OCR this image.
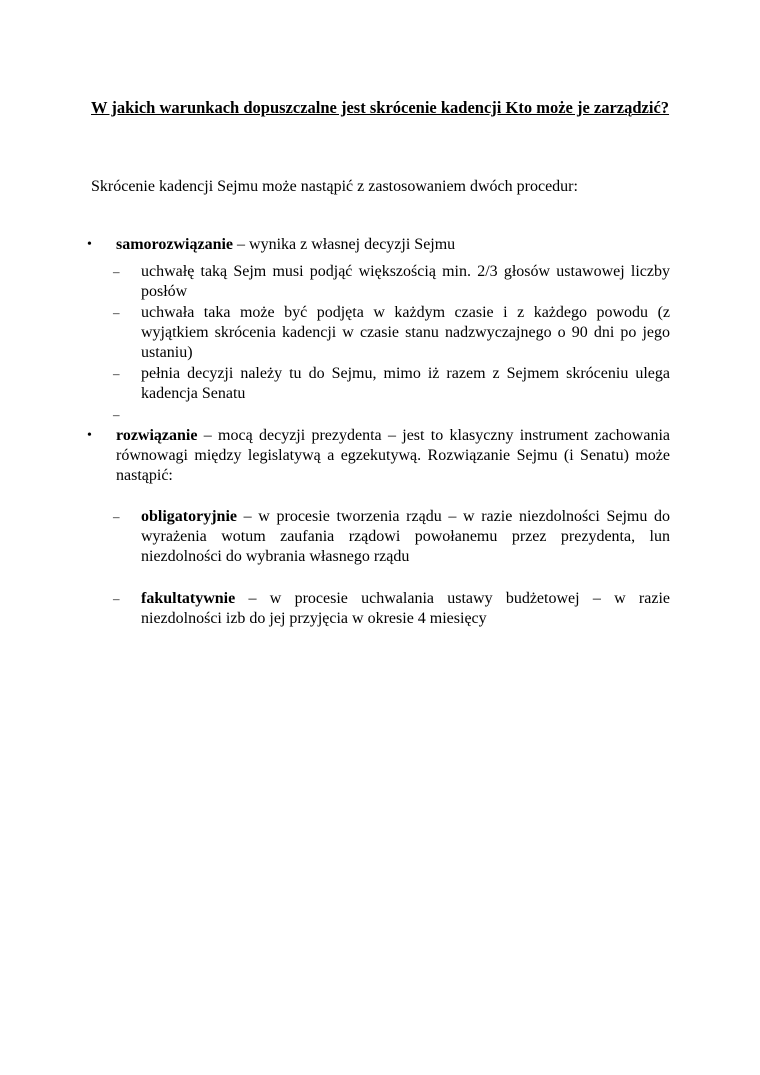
W jakich warunkach dopuszczalne jest skrócenie kadencji Kto może je zarządzić?

Skrócenie kadencji Sejmu może nastąpić z zastosowaniem dwóch procedur:

• samorozwiązanie – wynika z własnej decyzji Sejmu
– uchwałę taką Sejm musi podjąć większością min. 2/3 głosów ustawowej liczby posłów
– uchwała taka może być podjęta w każdym czasie i z każdego powodu (z wyjątkiem skrócenia kadencji w czasie stanu nadzwyczajnego o 90 dni po jego ustaniu)
– pełnia decyzji należy tu do Sejmu, mimo iż razem z Sejmem skróceniu ulega kadencja Senatu
–
• rozwiązanie – mocą decyzji prezydenta – jest to klasyczny instrument zachowania równowagi między legislatywą a egzekutywą. Rozwiązanie Sejmu (i Senatu) może nastąpić:
– obligatoryjnie – w procesie tworzenia rządu – w razie niezdolności Sejmu do wyrażenia wotum zaufania rządowi powołanemu przez prezydenta, lun niezdolności do wybrania własnego rządu
– fakultatywnie – w procesie uchwalania ustawy budżetowej – w razie niezdolności izb do jej przyjęcia w okresie 4 miesięcy
